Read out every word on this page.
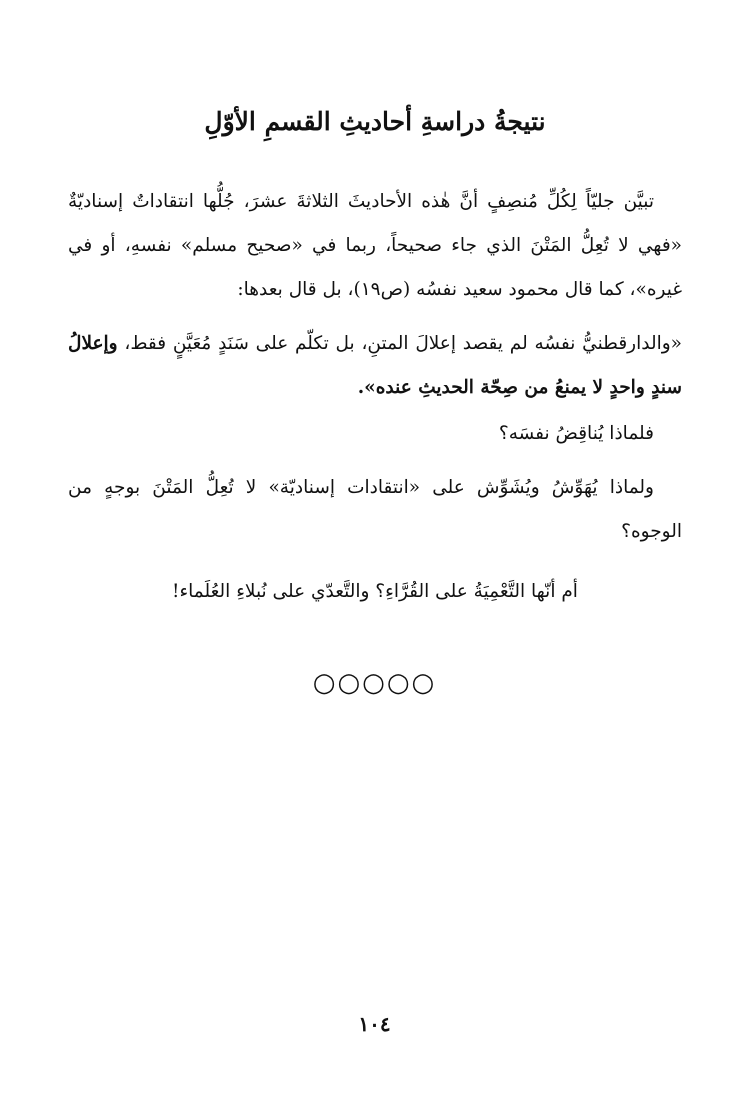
نتيجةُ دراسةِ أحاديثِ القسمِ الأوّلِ

تبيَّن جليّاً لِكُلِّ مُنصِفٍ أنَّ هٰذه الأحاديثَ الثلاثةَ عشرَ، جُلُّها انتقاداتٌ إسناديّةٌ «فهي لا تُعِلُّ المَتْنَ الذي جاء صحيحاً، ربما في «صحيح مسلم» نفسهِ، أو في غيره»، كما قال محمود سعيد نفسُه (ص١٩)، بل قال بعدها:

«والدارقطنيُّ نفسُه لم يقصد إعلالَ المتنِ، بل تكلّم على سَنَدٍ مُعَيَّنٍ فقط، وإعلالُ سندٍ واحدٍ لا يمنعُ من صِحّة الحديثِ عنده».

فلماذا يُناقِضُ نفسَه؟

ولماذا يُهَوِّشُ ويُشَوِّش على «انتقادات إسناديّة» لا تُعِلُّ المَتْنَ بوجهٍ من الوجوه؟

أم أنّها التَّعْمِيَةُ على القُرَّاءِ؟ والتَّعدّي على نُبلاءِ العُلَماء!

○○○○○
١٠٤
